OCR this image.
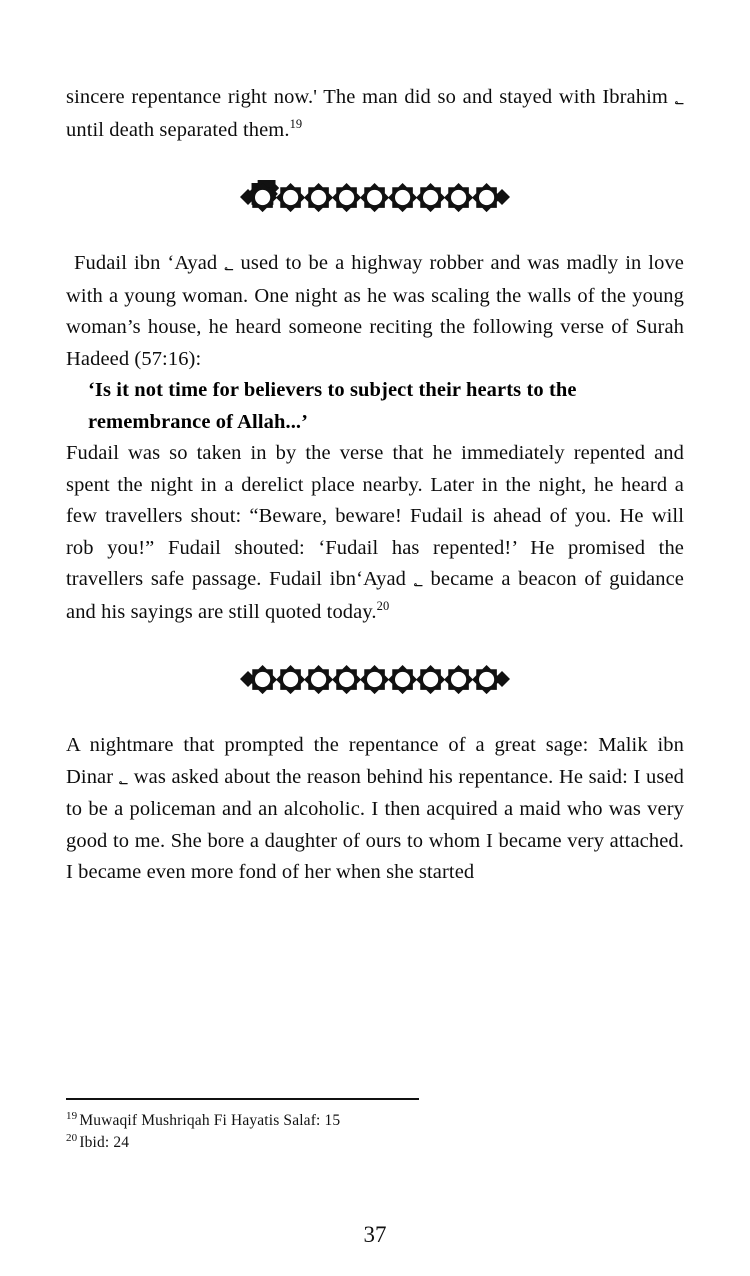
sincere repentance right now.' The man did so and stayed with Ibrahim ؂ until death separated them.$^{19}$

Fudail ibn ‘Ayad ؂ used to be a highway robber and was madly in love with a young woman. One night as he was scaling the walls of the young woman’s house, he heard someone reciting the following verse of Surah Hadeed (57:16):

‘Is it not time for believers to subject their hearts to the remembrance of Allah...’

Fudail was so taken in by the verse that he immediately repented and spent the night in a derelict place nearby. Later in the night, he heard a few travellers shout: “Beware, beware! Fudail is ahead of you. He will rob you!” Fudail shouted: ‘Fudail has repented!’ He promised the travellers safe passage. Fudail ibn‘Ayad ؂ became a beacon of guidance and his sayings are still quoted today.$^{20}$

A nightmare that prompted the repentance of a great sage: Malik ibn Dinar ؂ was asked about the reason behind his repentance. He said: I used to be a policeman and an alcoholic. I then acquired a maid who was very good to me. She bore a daughter of ours to whom I became very attached. I became even more fond of her when she started

$^{19}$ Muwaqif Mushriqah Fi Hayatis Salaf: 15

$^{20}$ Ibid: 24

37
